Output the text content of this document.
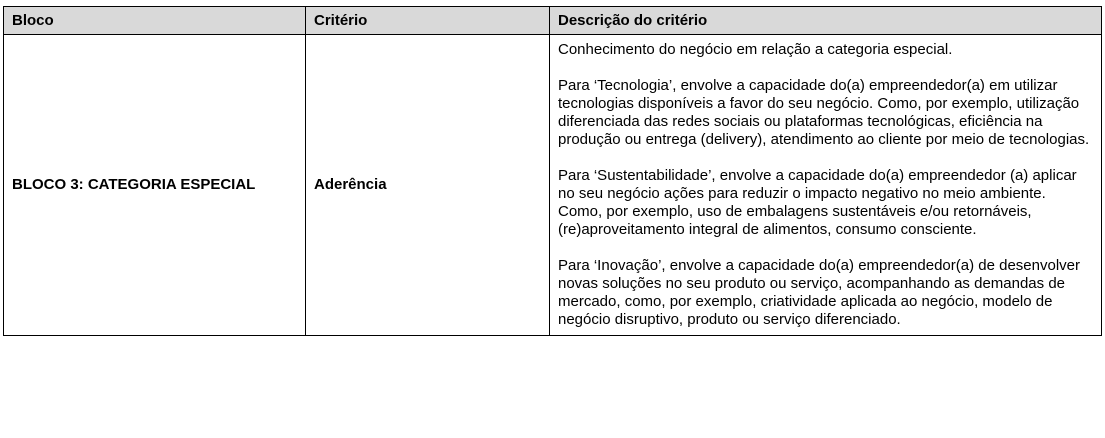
Bloco	Critério	Descrição do critério
BLOCO 3: CATEGORIA ESPECIAL	Aderência	Conhecimento do negócio em relação a categoria especial.

Para ‘Tecnologia’, envolve a capacidade do(a) empreendedor(a) em utilizar tecnologias disponíveis a favor do seu negócio. Como, por exemplo, utilização diferenciada das redes sociais ou plataformas tecnológicas, eficiência na produção ou entrega (delivery), atendimento ao cliente por meio de tecnologias.

Para ‘Sustentabilidade’, envolve a capacidade do(a) empreendedor (a) aplicar no seu negócio ações para reduzir o impacto negativo no meio ambiente. Como, por exemplo, uso de embalagens sustentáveis e/ou retornáveis, (re)aproveitamento integral de alimentos, consumo consciente.

Para ‘Inovação’, envolve a capacidade do(a) empreendedor(a) de desenvolver novas soluções no seu produto ou serviço, acompanhando as demandas de mercado, como, por exemplo, criatividade aplicada ao negócio, modelo de negócio disruptivo, produto ou serviço diferenciado.
